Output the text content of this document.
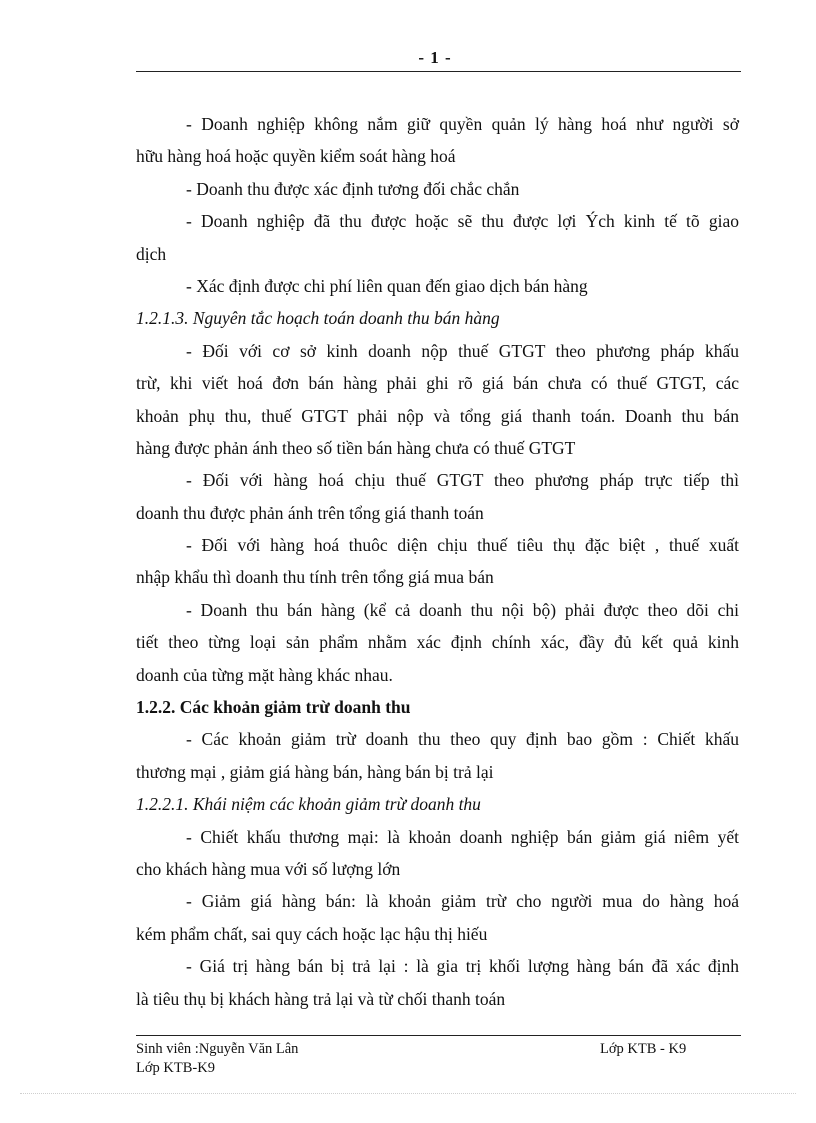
- 1 -
- Doanh nghiệp không nắm giữ quyền quản lý hàng hoá như người sở
hữu hàng hoá hoặc quyền kiểm soát hàng hoá
- Doanh thu được xác định tương đối chắc chắn
- Doanh nghiệp đã thu được hoặc sẽ thu được lợi Ých kinh tế tõ giao
dịch
- Xác định được chi phí liên quan đến giao dịch bán hàng
1.2.1.3. Nguyên tắc hoạch toán doanh thu bán hàng
- Đối với cơ sở kinh doanh nộp thuế GTGT theo phương pháp khấu
trừ, khi viết hoá đơn bán hàng phải ghi rõ giá bán chưa có thuế GTGT, các
khoản phụ thu, thuế GTGT phải nộp và tổng giá thanh toán. Doanh thu bán
hàng được phản ánh theo số tiền bán hàng chưa có thuế GTGT
- Đối với hàng hoá chịu thuế GTGT theo phương pháp trực tiếp thì
doanh thu được phản ánh trên tổng giá thanh toán
- Đối với hàng hoá thuôc diện chịu thuế tiêu thụ đặc biệt , thuế xuất
nhập khẩu thì doanh thu tính trên tổng giá mua bán
- Doanh thu bán hàng (kể cả doanh thu nội bộ) phải được theo dõi chi
tiết theo từng loại sản phẩm nhằm xác định chính xác, đầy đủ kết quả kinh
doanh của từng mặt hàng khác nhau.
1.2.2. Các khoản giảm trừ doanh thu
- Các khoản giảm trừ doanh thu theo quy định bao gồm : Chiết khấu
thương mại , giảm giá hàng bán, hàng bán bị trả lại
1.2.2.1. Khái niệm các khoản giảm trừ doanh thu
- Chiết khấu thương mại: là khoản doanh nghiệp bán giảm giá niêm yết
cho khách hàng mua với số lượng lớn
- Giảm giá hàng bán: là khoản giảm trừ cho người mua do hàng hoá
kém phẩm chất, sai quy cách hoặc lạc hậu thị hiếu
- Giá trị hàng bán bị trả lại : là gia trị khối lượng hàng bán đã xác định
là tiêu thụ bị khách hàng trả lại và từ chối thanh toán
Sinh viên :Nguyễn Văn Lân
Lớp KTB-K9
Lớp KTB - K9
